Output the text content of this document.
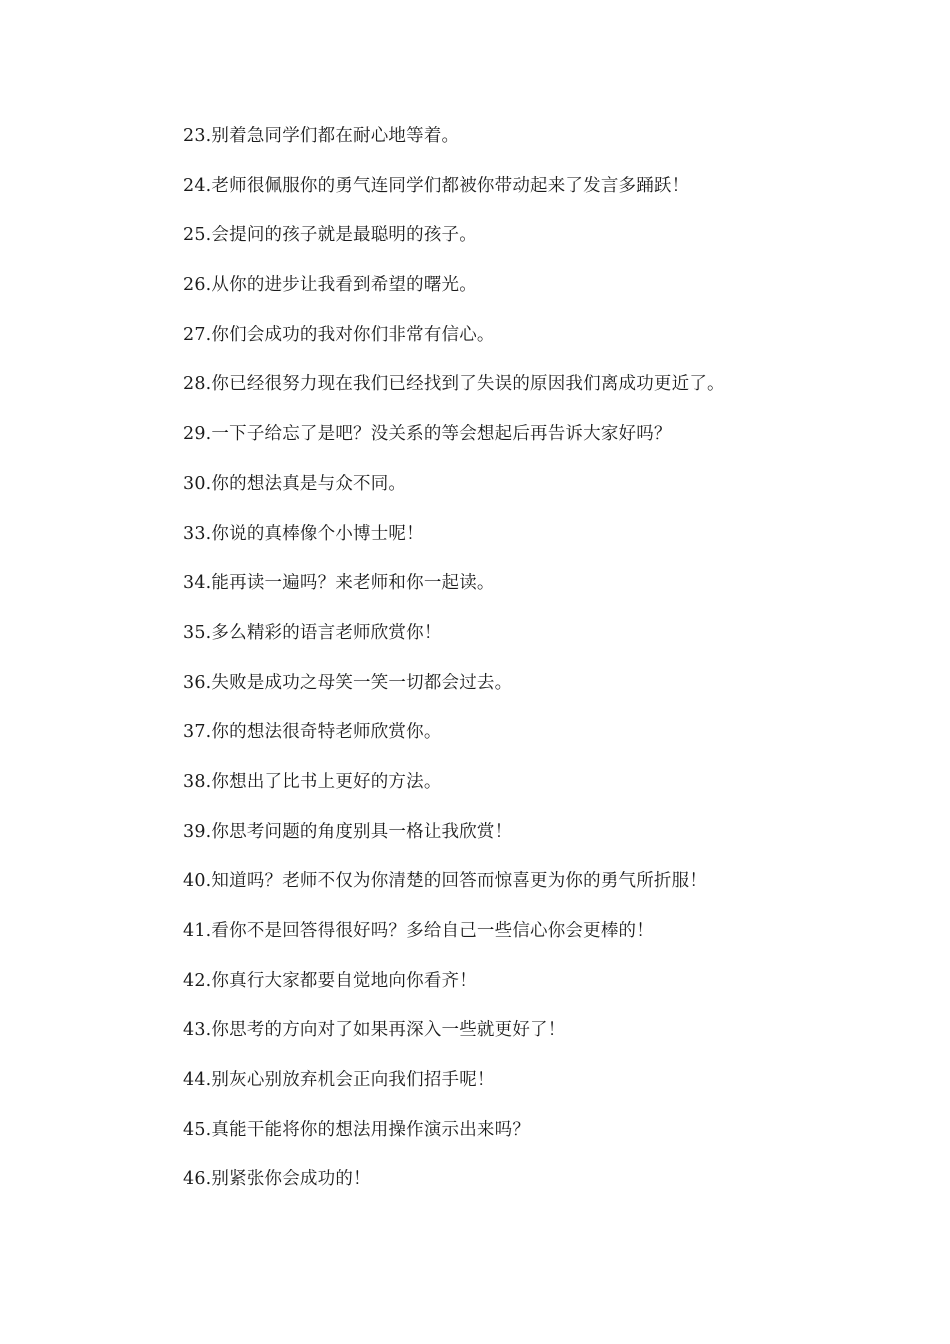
23.别着急同学们都在耐心地等着。
24.老师很佩服你的勇气连同学们都被你带动起来了发言多踊跃！
25.会提问的孩子就是最聪明的孩子。
26.从你的进步让我看到希望的曙光。
27.你们会成功的我对你们非常有信心。
28.你已经很努力现在我们已经找到了失误的原因我们离成功更近了。
29.一下子给忘了是吧？没关系的等会想起后再告诉大家好吗？
30.你的想法真是与众不同。
33.你说的真棒像个小博士呢！
34.能再读一遍吗？来老师和你一起读。
35.多么精彩的语言老师欣赏你！
36.失败是成功之母笑一笑一切都会过去。
37.你的想法很奇特老师欣赏你。
38.你想出了比书上更好的方法。
39.你思考问题的角度别具一格让我欣赏！
40.知道吗？老师不仅为你清楚的回答而惊喜更为你的勇气所折服！
41.看你不是回答得很好吗？多给自己一些信心你会更棒的！
42.你真行大家都要自觉地向你看齐！
43.你思考的方向对了如果再深入一些就更好了！
44.别灰心别放弃机会正向我们招手呢！
45.真能干能将你的想法用操作演示出来吗？
46.别紧张你会成功的！
